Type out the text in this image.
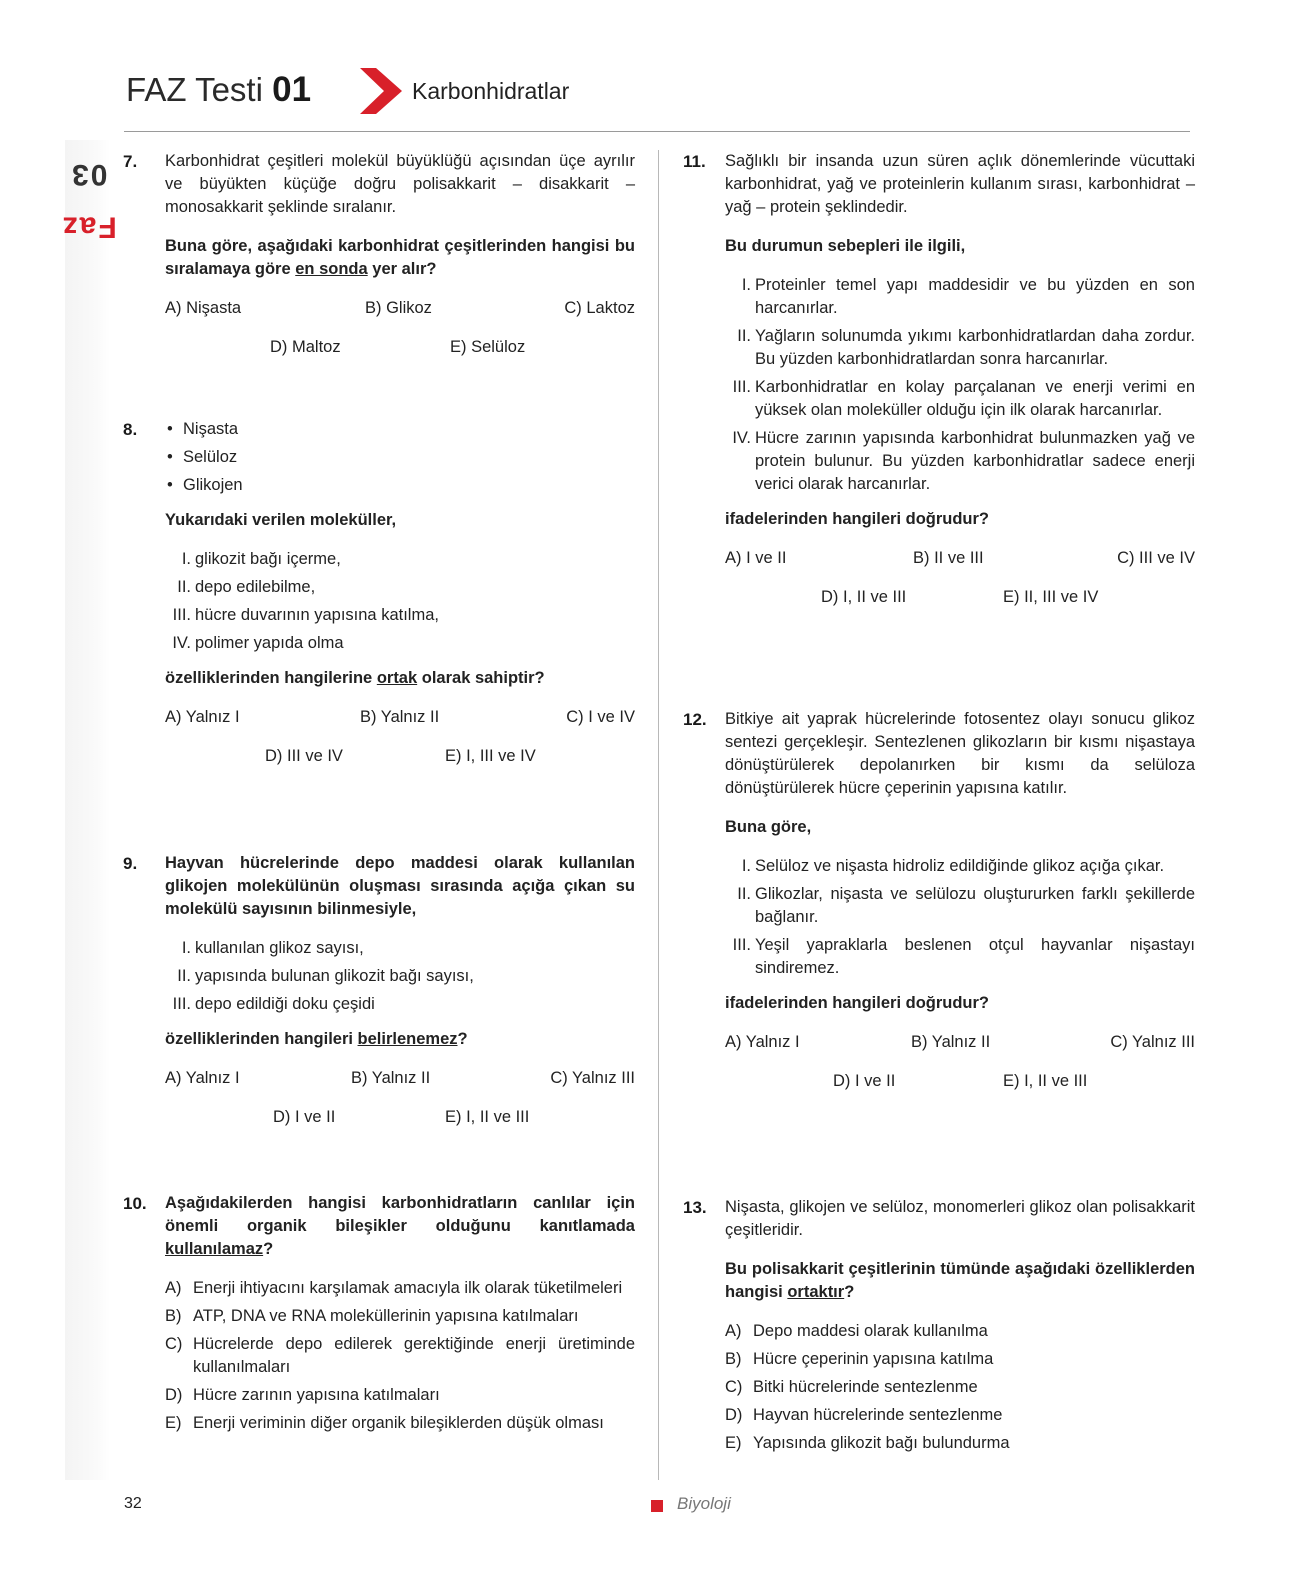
Faz03
FAZ Testi 01	Karbonhidratlar
7. Karbonhidrat çeşitleri molekül büyüklüğü açısından üçe ayrılır ve büyükten küçüğe doğru polisakkarit – disakkarit – monosakkarit şeklinde sıralanır.

Buna göre, aşağıdaki karbonhidrat çeşitlerinden hangisi bu sıralamaya göre en sonda yer alır?

A) Nişasta	B) Glikoz	C) Laktoz
D) Maltoz	E) Selüloz
8.
•	Nişasta
• Selüloz
• Glikojen

Yukarıdaki verilen moleküller,

I. glikozit bağı içerme,
II. depo edilebilme,
III. hücre duvarının yapısına katılma,
IV. polimer yapıda olma

özelliklerinden hangilerine ortak olarak sahiptir?

A) Yalnız I	B) Yalnız II	C) I ve IV
D) III ve IV	E) I, III ve IV
9. Hayvan hücrelerinde depo maddesi olarak kullanılan glikojen molekülünün oluşması sırasında açığa çıkan su molekülü sayısının bilinmesiyle,

I. kullanılan glikoz sayısı,
II. yapısında bulunan glikozit bağı sayısı,
III. depo edildiği doku çeşidi

özelliklerinden hangileri belirlenemez?

A) Yalnız I	B) Yalnız II	C) Yalnız III
D) I ve II	E) I, II ve III
10. Aşağıdakilerden hangisi karbonhidratların canlılar için önemli organik bileşikler olduğunu kanıtlamada kullanılamaz?

A) Enerji ihtiyacını karşılamak amacıyla ilk olarak tüketilmeleri
B) ATP, DNA ve RNA moleküllerinin yapısına katılmaları
C) Hücrelerde depo edilerek gerektiğinde enerji üretiminde kullanılmaları
D) Hücre zarının yapısına katılmaları
E) Enerji veriminin diğer organik bileşiklerden düşük olması
11. Sağlıklı bir insanda uzun süren açlık dönemlerinde vücuttaki karbonhidrat, yağ ve proteinlerin kullanım sırası, karbonhidrat – yağ – protein şeklindedir.

Bu durumun sebepleri ile ilgili,

I. Proteinler temel yapı maddesidir ve bu yüzden en son harcanırlar.
II. Yağların solunumda yıkımı karbonhidratlardan daha zordur. Bu yüzden karbonhidratlardan sonra harcanırlar.
III. Karbonhidratlar en kolay parçalanan ve enerji verimi en yüksek olan moleküller olduğu için ilk olarak harcanırlar.
IV. Hücre zarının yapısında karbonhidrat bulunmazken yağ ve protein bulunur. Bu yüzden karbonhidratlar sadece enerji verici olarak harcanırlar.

ifadelerinden hangileri doğrudur?

A) I ve II	B) II ve III	C) III ve IV
D) I, II ve III	E) II, III ve IV
12. Bitkiye ait yaprak hücrelerinde fotosentez olayı sonucu glikoz sentezi gerçekleşir. Sentezlenen glikozların bir kısmı nişastaya dönüştürülerek depolanırken bir kısmı da selüloza dönüştürülerek hücre çeperinin yapısına katılır.

Buna göre,

I. Selüloz ve nişasta hidroliz edildiğinde glikoz açığa çıkar.
II. Glikozlar, nişasta ve selülozu oluştururken farklı şekillerde bağlanır.
III. Yeşil yapraklarla beslenen otçul hayvanlar nişastayı sindiremez.

ifadelerinden hangileri doğrudur?

A) Yalnız I	B) Yalnız II	C) Yalnız III
D) I ve II	E) I, II ve III
13. Nişasta, glikojen ve selüloz, monomerleri glikoz olan polisakkarit çeşitleridir.

Bu polisakkarit çeşitlerinin tümünde aşağıdaki özelliklerden hangisi ortaktır?

A) Depo maddesi olarak kullanılma
B) Hücre çeperinin yapısına katılma
C) Bitki hücrelerinde sentezlenme
D) Hayvan hücrelerinde sentezlenme
E) Yapısında glikozit bağı bulundurma
32	Biyoloji
